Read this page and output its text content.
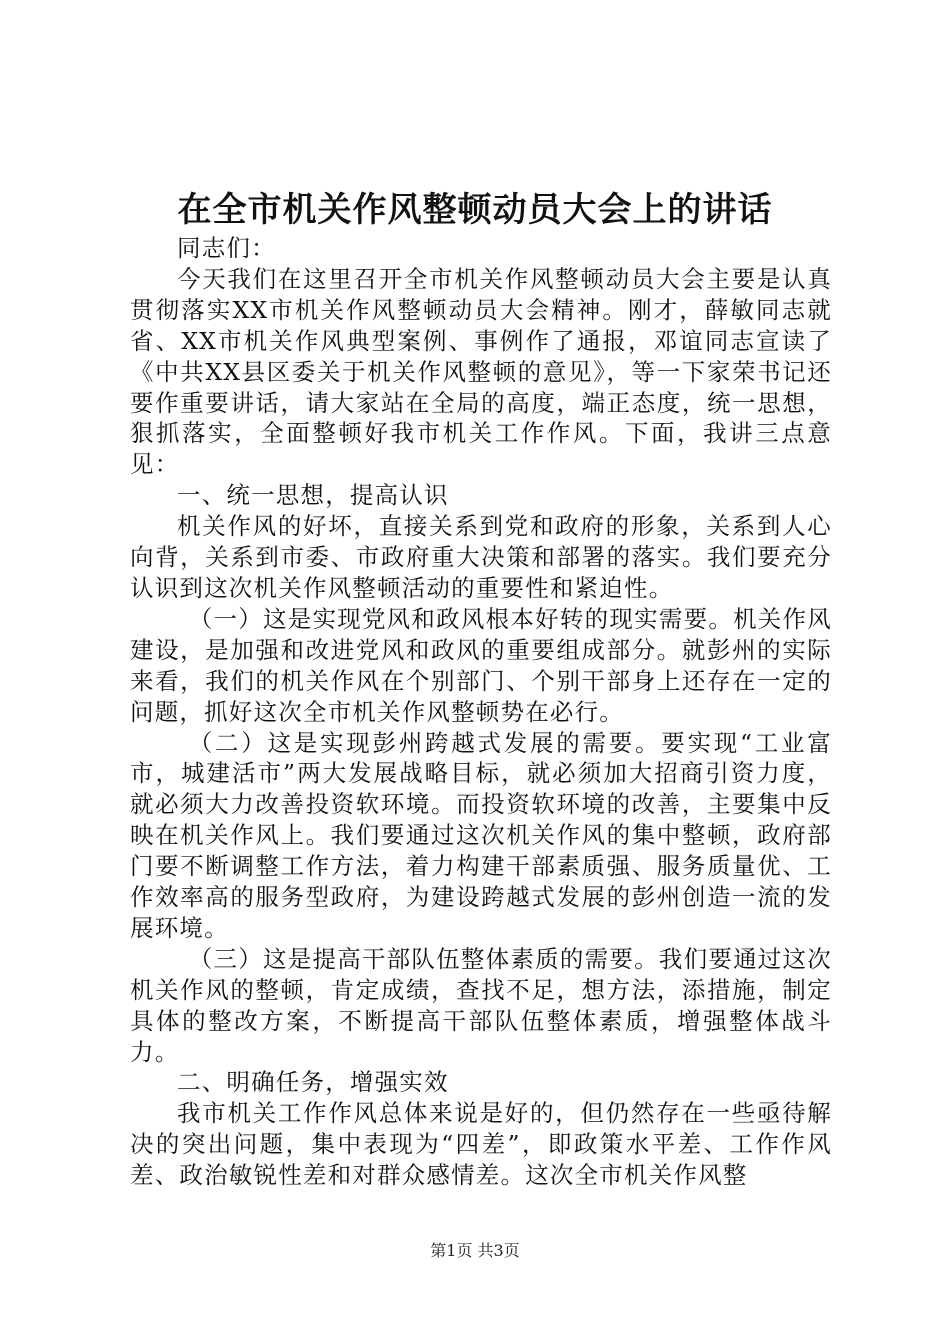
在全市机关作风整顿动员大会上的讲话

同志们：

今天我们在这里召开全市机关作风整顿动员大会主要是认真贯彻落实XX市机关作风整顿动员大会精神。刚才，薛敏同志就省、XX市机关作风典型案例、事例作了通报，邓谊同志宣读了《中共XX县区委关于机关作风整顿的意见》，等一下家荣书记还要作重要讲话，请大家站在全局的高度，端正态度，统一思想，狠抓落实，全面整顿好我市机关工作作风。下面，我讲三点意见：

一、统一思想，提高认识

机关作风的好坏，直接关系到党和政府的形象，关系到人心向背，关系到市委、市政府重大决策和部署的落实。我们要充分认识到这次机关作风整顿活动的重要性和紧迫性。

（一）这是实现党风和政风根本好转的现实需要。机关作风建设，是加强和改进党风和政风的重要组成部分。就彭州的实际来看，我们的机关作风在个别部门、个别干部身上还存在一定的问题，抓好这次全市机关作风整顿势在必行。

（二）这是实现彭州跨越式发展的需要。要实现“工业富市，城建活市”两大发展战略目标，就必须加大招商引资力度，就必须大力改善投资软环境。而投资软环境的改善，主要集中反映在机关作风上。我们要通过这次机关作风的集中整顿，政府部门要不断调整工作方法，着力构建干部素质强、服务质量优、工作效率高的服务型政府，为建设跨越式发展的彭州创造一流的发展环境。

（三）这是提高干部队伍整体素质的需要。我们要通过这次机关作风的整顿，肯定成绩，查找不足，想方法，添措施，制定具体的整改方案，不断提高干部队伍整体素质，增强整体战斗力。

二、明确任务，增强实效

我市机关工作作风总体来说是好的，但仍然存在一些亟待解决的突出问题，集中表现为“四差”，即政策水平差、工作作风差、政治敏锐性差和对群众感情差。这次全市机关作风整

第1页 共3页
